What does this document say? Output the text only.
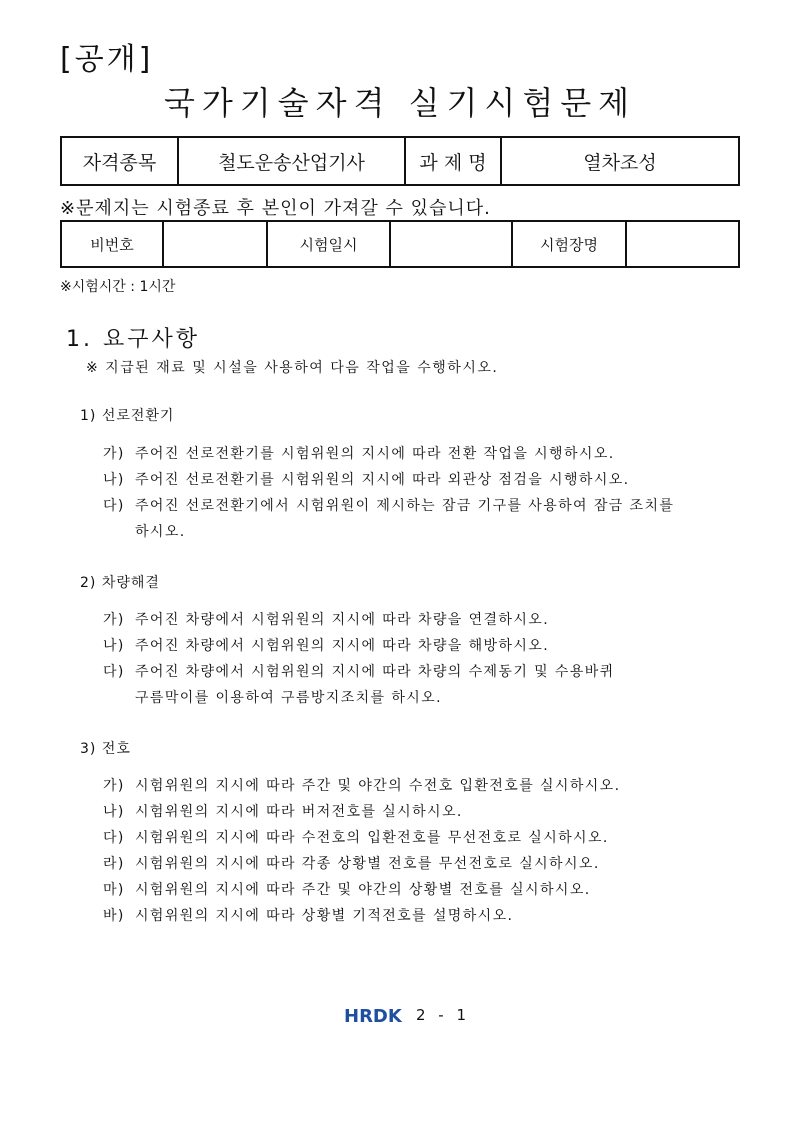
[공개]
국가기술자격 실기시험문제
자격종목	철도운송산업기사	과 제 명	열차조성
※문제지는 시험종료 후 본인이 가져갈 수 있습니다.
비번호		시험일시		시험장명	
※시험시간 : 1시간
1. 요구사항
※ 지급된 재료 및 시설을 사용하여 다음 작업을 수행하시오.
1) 선로전환기
가) 주어진 선로전환기를 시험위원의 지시에 따라 전환 작업을 시행하시오.
나) 주어진 선로전환기를 시험위원의 지시에 따라 외관상 점검을 시행하시오.
다) 주어진 선로전환기에서 시험위원이 제시하는 잠금 기구를 사용하여 잠금 조치를
하시오.
2) 차량해결
가) 주어진 차량에서 시험위원의 지시에 따라 차량을 연결하시오.
나) 주어진 차량에서 시험위원의 지시에 따라 차량을 해방하시오.
다) 주어진 차량에서 시험위원의 지시에 따라 차량의 수제동기 및 수용바퀴
구름막이를 이용하여 구름방지조치를 하시오.
3) 전호
가) 시험위원의 지시에 따라 주간 및 야간의 수전호 입환전호를 실시하시오.
나) 시험위원의 지시에 따라 버저전호를 실시하시오.
다) 시험위원의 지시에 따라 수전호의 입환전호를 무선전호로 실시하시오.
라) 시험위원의 지시에 따라 각종 상황별 전호를 무선전호로 실시하시오.
마) 시험위원의 지시에 따라 주간 및 야간의 상황별 전호를 실시하시오.
바) 시험위원의 지시에 따라 상황별 기적전호를 설명하시오.
HRDK 2 - 1
